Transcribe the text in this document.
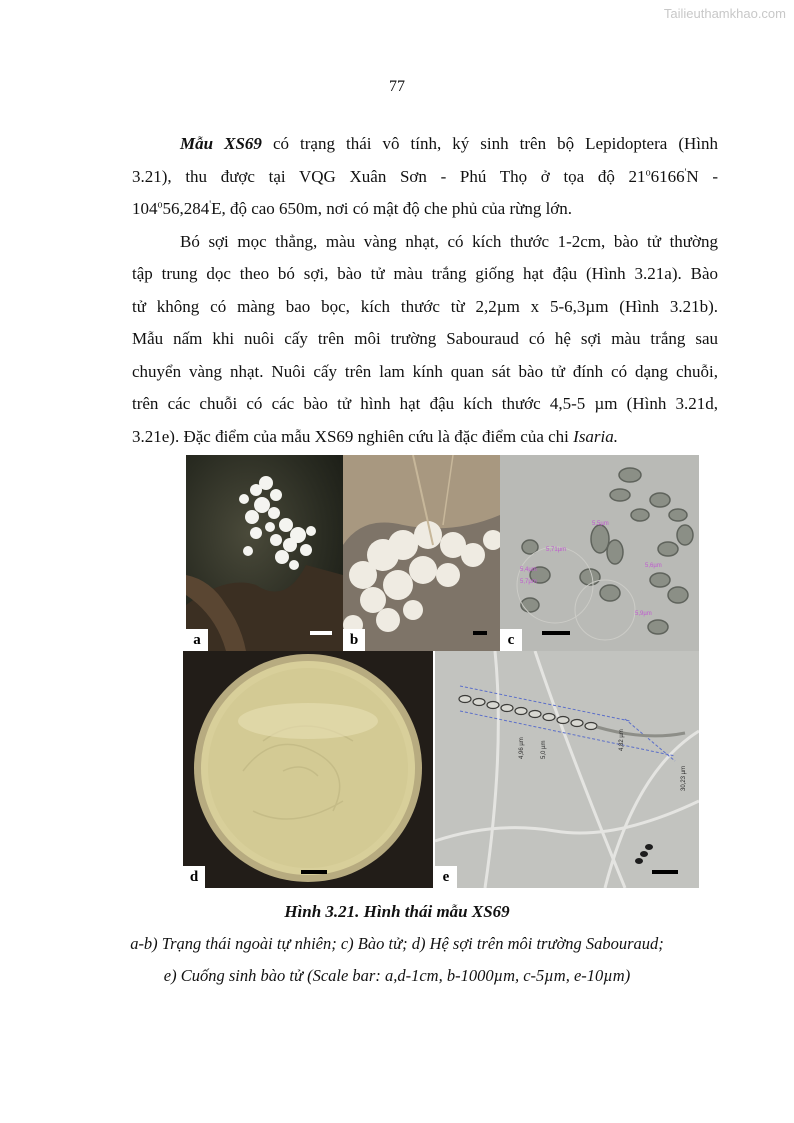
Tailieuthamkhao.com
77
Mẫu XS69 có trạng thái vô tính, ký sinh trên bộ Lepidoptera (Hình
3.21), thu được tại VQG Xuân Sơn - Phú Thọ ở tọa độ 21$^o$6166'N -
104$^o$56,284'E, độ cao 650m, nơi có mật độ che phủ của rừng lớn.
Bó sợi mọc thẳng, màu vàng nhạt, có kích thước 1-2cm, bào tử thường
tập trung dọc theo bó sợi, bào tử màu trắng giống hạt đậu (Hình 3.21a). Bào
tử không có màng bao bọc, kích thước từ 2,2µm x 5-6,3µm (Hình 3.21b).
Mẫu nấm khi nuôi cấy trên môi trường Sabouraud có hệ sợi màu trắng sau
chuyển vàng nhạt. Nuôi cấy trên lam kính quan sát bào tử đính có dạng chuỗi,
trên các chuỗi có các bào tử hình hạt đậu kích thước 4,5-5 µm (Hình 3.21d,
3.21e). Đặc điểm của mẫu XS69 nghiên cứu là đặc điểm của chi Isaria.
a	b
5,5µm
5,4µm
5,7µm
5,71µm
5,6µm
5,9µm
c
d
4,96 µm	5,0 µm	4,82 µm
30,23 µm
e
Hình 3.21. Hình thái mẫu XS69
a-b) Trạng thái ngoài tự nhiên; c) Bào tử; d) Hệ sợi trên môi trường Sabouraud;
e) Cuống sinh bào tử (Scale bar: a,d-1cm, b-1000µm, c-5µm, e-10µm)
